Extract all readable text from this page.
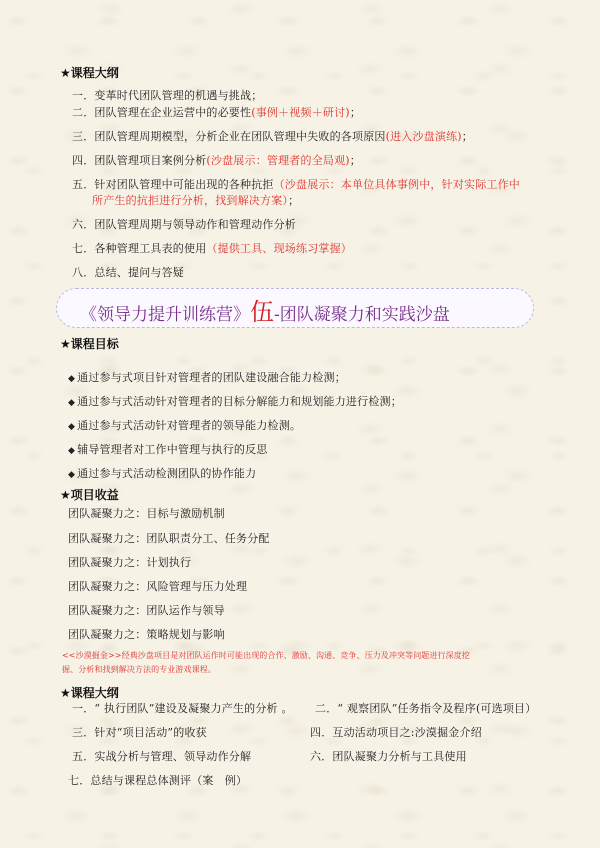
★课程大纲
一．变革时代团队管理的机遇与挑战；
二．团队管理在企业运营中的必要性(事例＋视频＋研讨)；
三．团队管理周期模型，分析企业在团队管理中失败的各项原因(进入沙盘演练)；
四．团队管理项目案例分析(沙盘展示：管理者的全局观)；
五．针对团队管理中可能出现的各种抗拒（沙盘展示：本单位具体事例中，针对实际工作中
所产生的抗拒进行分析，找到解决方案）；
六．团队管理周期与领导动作和管理动作分析
七．各种管理工具表的使用（提供工具、现场练习掌握）
八．总结、提问与答疑
《领导力提升训练营》伍-团队凝聚力和实践沙盘
★课程目标
◆ 通过参与式项目针对管理者的团队建设融合能力检测；
◆ 通过参与式活动针对管理者的目标分解能力和规划能力进行检测；
◆ 通过参与式活动针对管理者的领导能力检测。
◆ 辅导管理者对工作中管理与执行的反思
◆ 通过参与式活动检测团队的协作能力
★项目收益
团队凝聚力之：目标与激励机制
团队凝聚力之：团队职责分工、任务分配
团队凝聚力之：计划执行
团队凝聚力之：风险管理与压力处理
团队凝聚力之：团队运作与领导
团队凝聚力之：策略规划与影响
<<沙漠掘金>>经典沙盘项目是对团队运作时可能出现的合作、激励、沟通、竞争、压力及冲突等问题进行深度挖
掘、分析和找到解决方法的专业游戏课程。
★课程大纲
一．“ 执行团队”建设及凝聚力产生的分析 。 二．“ 观察团队”任务指令及程序(可选项目）
三．针对“项目活动”的收获	四．互动活动项目之:沙漠掘金介绍
五．实战分析与管理、领导动作分解	六．团队凝聚力分析与工具使用
七．总结与课程总体测评（案　例）
